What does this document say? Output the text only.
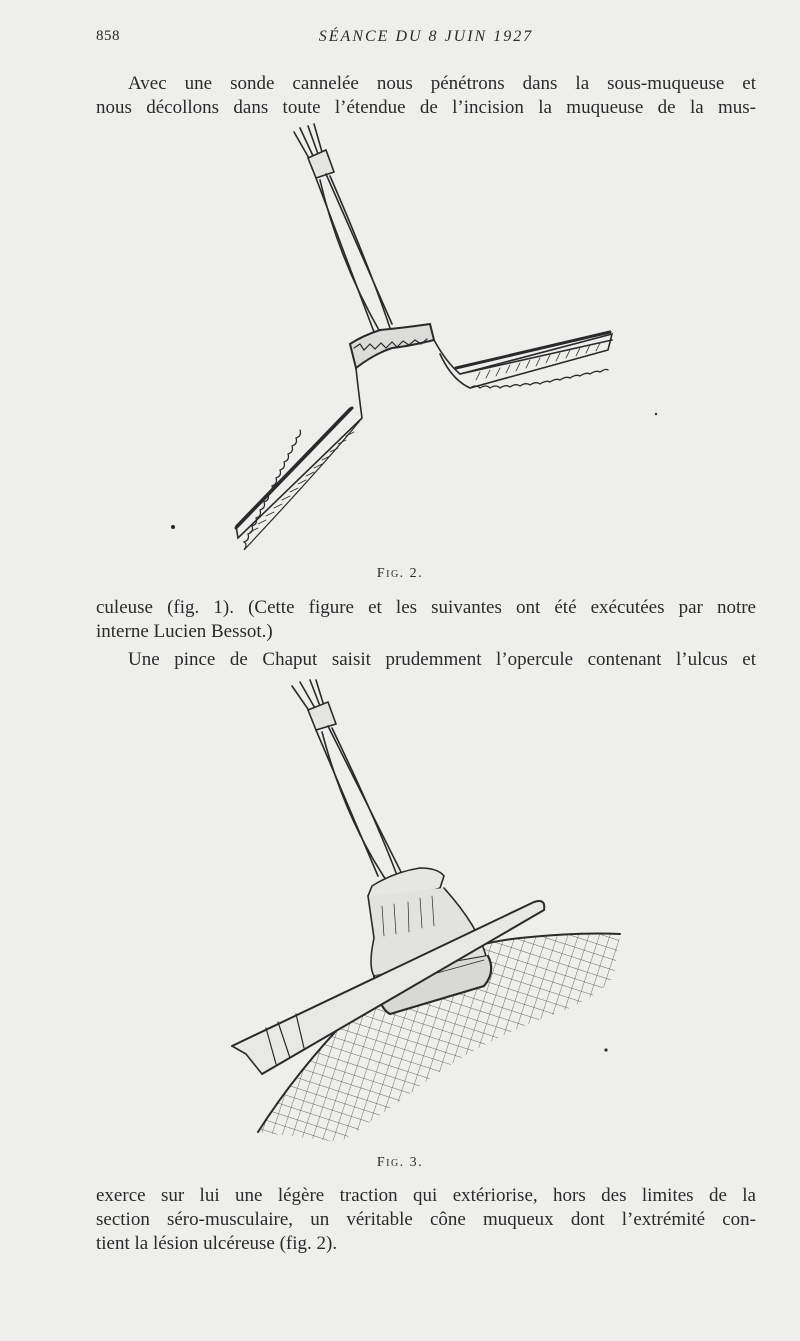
858	SÉANCE DU 8 JUIN 1927

Avec une sonde cannelée nous pénétrons dans la sous-muqueuse et
nous décollons dans toute l’étendue de l’incision la muqueuse de la mus-

Fig. 2.

culeuse (fig. 1). (Cette figure et les suivantes ont été exécutées par notre
interne Lucien Bessot.)

Une pince de Chaput saisit prudemment l’opercule contenant l’ulcus et

Fig. 3.

exerce sur lui une légère traction qui extériorise, hors des limites de la
section séro-musculaire, un véritable cône muqueux dont l’extrémité con-
tient la lésion ulcéreuse (fig. 2).
